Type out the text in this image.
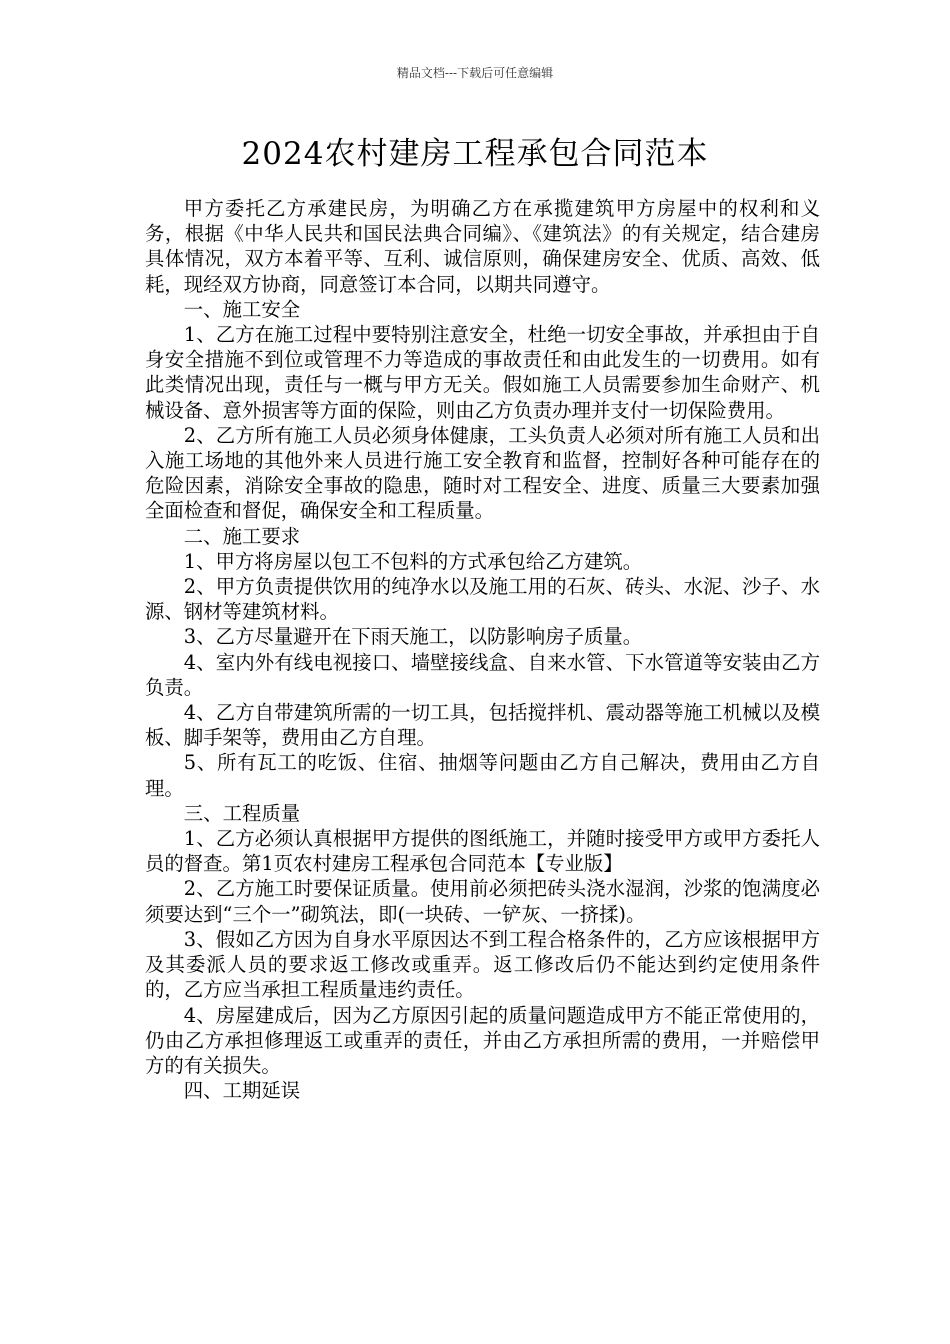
精品文档---下载后可任意编辑
2024农村建房工程承包合同范本

甲方委托乙方承建民房，为明确乙方在承揽建筑甲方房屋中的权利和义务，根据《中华人民共和国民法典合同编》、《建筑法》的有关规定，结合建房具体情况，双方本着平等、互利、诚信原则，确保建房安全、优质、高效、低耗，现经双方协商，同意签订本合同，以期共同遵守。

一、施工安全

1、乙方在施工过程中要特别注意安全，杜绝一切安全事故，并承担由于自身安全措施不到位或管理不力等造成的事故责任和由此发生的一切费用。如有此类情况出现，责任与一概与甲方无关。假如施工人员需要参加生命财产、机械设备、意外损害等方面的保险，则由乙方负责办理并支付一切保险费用。

2、乙方所有施工人员必须身体健康，工头负责人必须对所有施工人员和出入施工场地的其他外来人员进行施工安全教育和监督，控制好各种可能存在的危险因素，消除安全事故的隐患，随时对工程安全、进度、质量三大要素加强全面检查和督促，确保安全和工程质量。

二、施工要求

1、甲方将房屋以包工不包料的方式承包给乙方建筑。

2、甲方负责提供饮用的纯净水以及施工用的石灰、砖头、水泥、沙子、水源、钢材等建筑材料。

3、乙方尽量避开在下雨天施工，以防影响房子质量。

4、室内外有线电视接口、墙壁接线盒、自来水管、下水管道等安装由乙方负责。

4、乙方自带建筑所需的一切工具，包括搅拌机、震动器等施工机械以及模板、脚手架等，费用由乙方自理。

5、所有瓦工的吃饭、住宿、抽烟等问题由乙方自己解决，费用由乙方自理。

三、工程质量

1、乙方必须认真根据甲方提供的图纸施工，并随时接受甲方或甲方委托人员的督查。第1页农村建房工程承包合同范本【专业版】

2、乙方施工时要保证质量。使用前必须把砖头浇水湿润，沙浆的饱满度必须要达到“三个一”砌筑法，即(一块砖、一铲灰、一挤揉)。

3、假如乙方因为自身水平原因达不到工程合格条件的，乙方应该根据甲方及其委派人员的要求返工修改或重弄。返工修改后仍不能达到约定使用条件的，乙方应当承担工程质量违约责任。

4、房屋建成后，因为乙方原因引起的质量问题造成甲方不能正常使用的，仍由乙方承担修理返工或重弄的责任，并由乙方承担所需的费用，一并赔偿甲方的有关损失。

四、工期延误
